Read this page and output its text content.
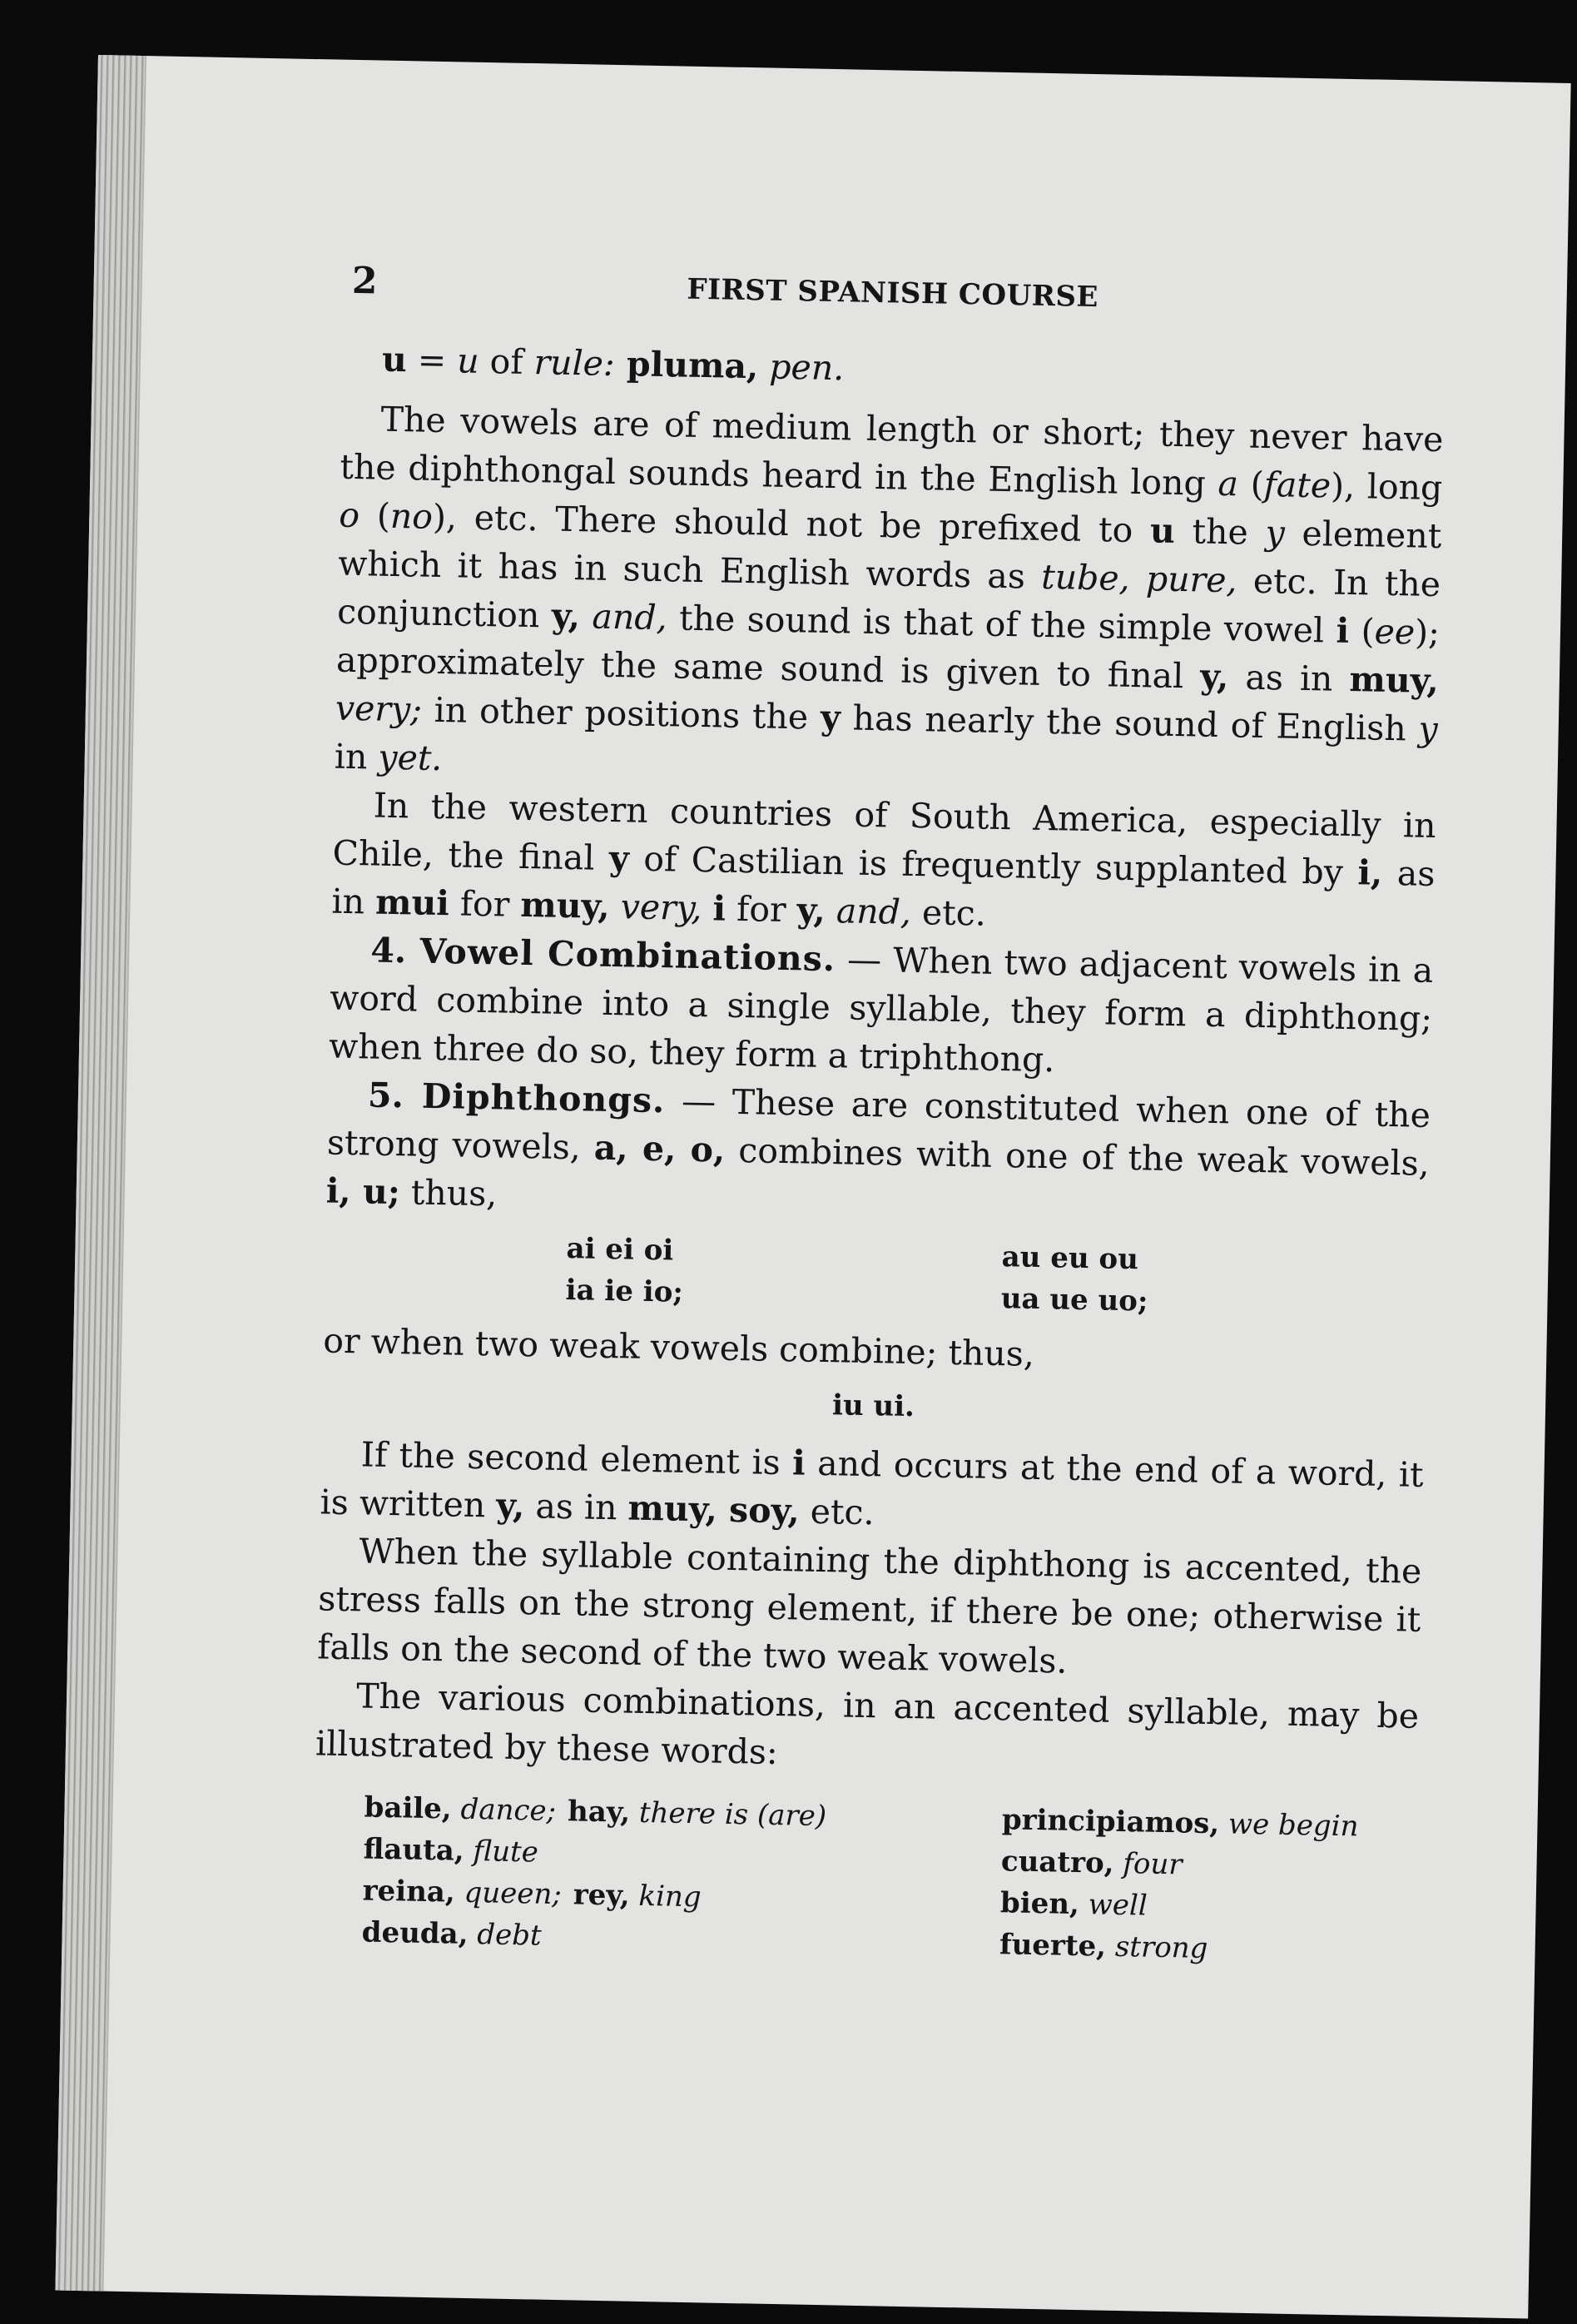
2	FIRST SPANISH COURSE

u = u of rule: pluma, pen.

The vowels are of medium length or short; they never have the diphthongal sounds heard in the English long a (fate), long o (no), etc. There should not be prefixed to u the y element which it has in such English words as tube, pure, etc. In the conjunction y, and, the sound is that of the simple vowel i (ee); approximately the same sound is given to final y, as in muy, very; in other positions the y has nearly the sound of English y in yet.

In the western countries of South America, especially in Chile, the final y of Castilian is frequently supplanted by i, as in mui for muy, very, i for y, and, etc.

4. Vowel Combinations. — When two adjacent vowels in a word combine into a single syllable, they form a diphthong; when three do so, they form a triphthong.

5. Diphthongs. — These are constituted when one of the strong vowels, a, e, o, combines with one of the weak vowels, i, u; thus,

ai ei oi
ia ie io;
au eu ou
ua ue uo;

or when two weak vowels combine; thus,

iu ui.

If the second element is i and occurs at the end of a word, it is written y, as in muy, soy, etc.

When the syllable containing the diphthong is accented, the stress falls on the strong element, if there be one; otherwise it falls on the second of the two weak vowels.

The various combinations, in an accented syllable, may be illustrated by these words:

baile, dance; hay, there is (are)
flauta, flute
reina, queen; rey, king
deuda, debt
principiamos, we begin
cuatro, four
bien, well
fuerte, strong
